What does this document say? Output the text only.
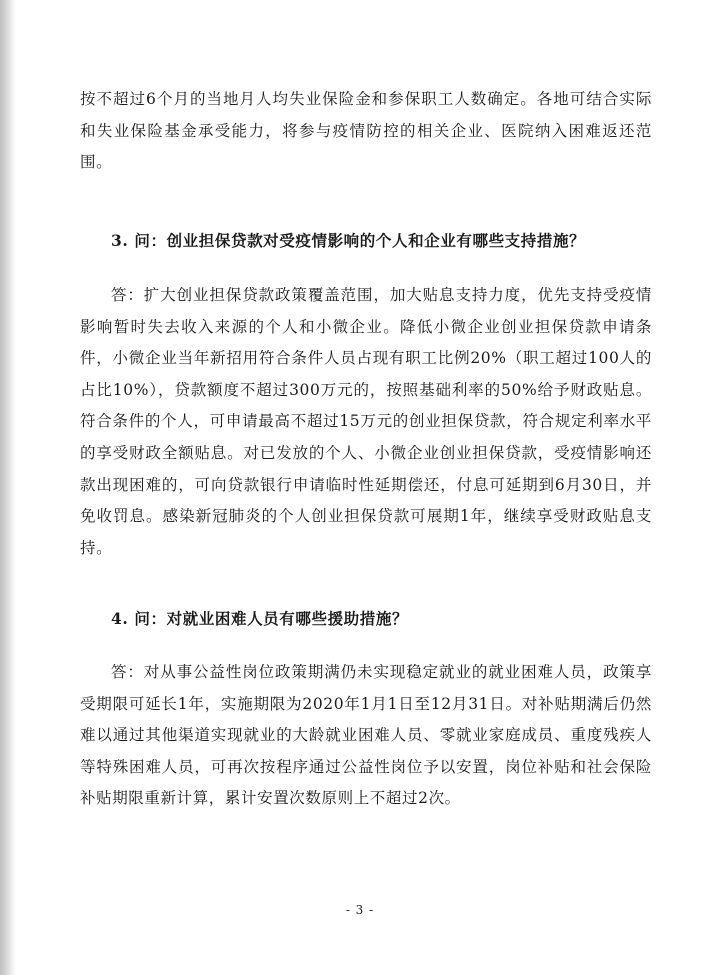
按不超过6个月的当地月人均失业保险金和参保职工人数确定。各地可结合实际和失业保险基金承受能力，将参与疫情防控的相关企业、医院纳入困难返还范围。

3. 问：创业担保贷款对受疫情影响的个人和企业有哪些支持措施？

答：扩大创业担保贷款政策覆盖范围，加大贴息支持力度，优先支持受疫情影响暂时失去收入来源的个人和小微企业。降低小微企业创业担保贷款申请条件，小微企业当年新招用符合条件人员占现有职工比例20%（职工超过100人的占比10%），贷款额度不超过300万元的，按照基础利率的50%给予财政贴息。符合条件的个人，可申请最高不超过15万元的创业担保贷款，符合规定利率水平的享受财政全额贴息。对已发放的个人、小微企业创业担保贷款，受疫情影响还款出现困难的，可向贷款银行申请临时性延期偿还，付息可延期到6月30日，并免收罚息。感染新冠肺炎的个人创业担保贷款可展期1年，继续享受财政贴息支持。

4. 问：对就业困难人员有哪些援助措施？

答：对从事公益性岗位政策期满仍未实现稳定就业的就业困难人员，政策享受期限可延长1年，实施期限为2020年1月1日至12月31日。对补贴期满后仍然难以通过其他渠道实现就业的大龄就业困难人员、零就业家庭成员、重度残疾人等特殊困难人员，可再次按程序通过公益性岗位予以安置，岗位补贴和社会保险补贴期限重新计算，累计安置次数原则上不超过2次。

- 3 -
